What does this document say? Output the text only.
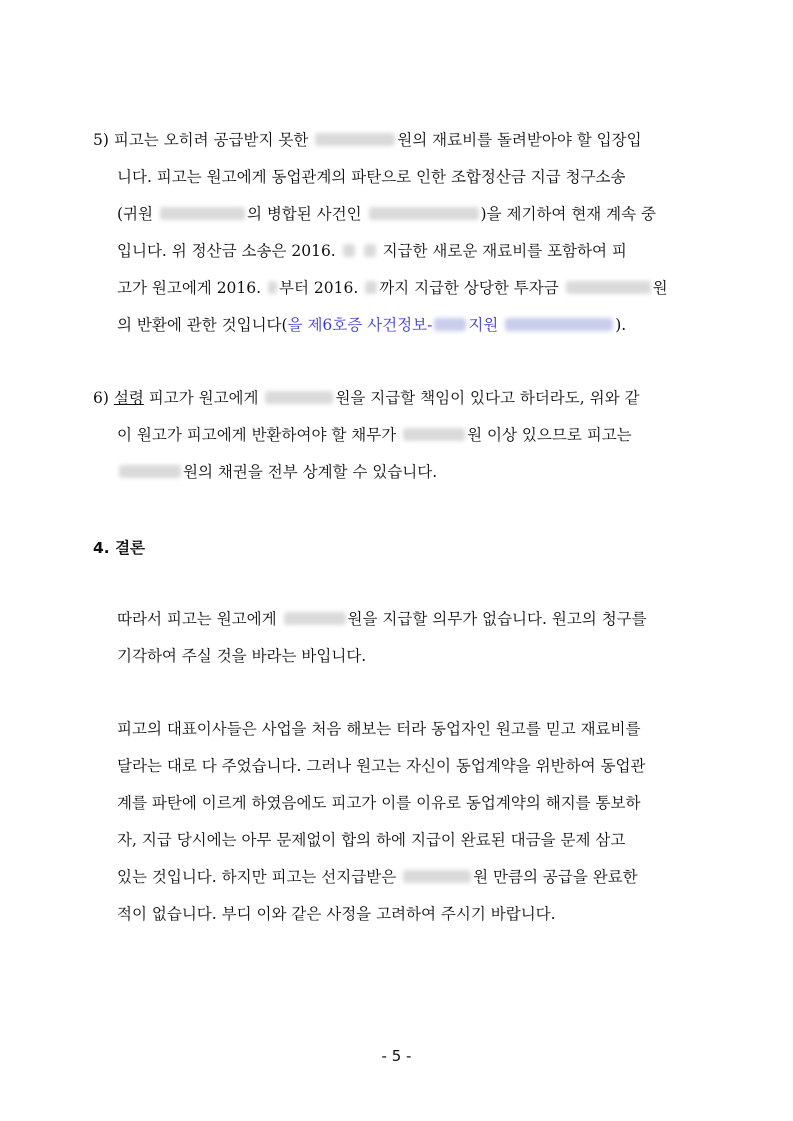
5) 피고는 오히려 공급받지 못한	원의 재료비를 돌려받아야 할 입장입
니다. 피고는 원고에게 동업관계의 파탄으로 인한 조합정산금 지급 청구소송
(귀원	의 병합된 사건인	)을 제기하여 현재 계속 중
입니다. 위 정산금 소송은 2016.	지급한 새로운 재료비를 포함하여 피
고가 원고에게 2016. 부터 2016. 까지 지급한 상당한 투자금	원
의 반환에 관한 것입니다(을 제6호증 사건정보- 지원	).
6) 설령 피고가 원고에게	원을 지급할 책임이 있다고 하더라도, 위와 같
이 원고가 피고에게 반환하여야 할 채무가	원 이상 있으므로 피고는
원의 채권을 전부 상계할 수 있습니다.
4. 결론
따라서 피고는 원고에게	원을 지급할 의무가 없습니다. 원고의 청구를
기각하여 주실 것을 바라는 바입니다.
피고의 대표이사들은 사업을 처음 해보는 터라 동업자인 원고를 믿고 재료비를
달라는 대로 다 주었습니다. 그러나 원고는 자신이 동업계약을 위반하여 동업관
계를 파탄에 이르게 하였음에도 피고가 이를 이유로 동업계약의 해지를 통보하
자, 지급 당시에는 아무 문제없이 합의 하에 지급이 완료된 대금을 문제 삼고
있는 것입니다. 하지만 피고는 선지급받은	원 만큼의 공급을 완료한
적이 없습니다. 부디 이와 같은 사정을 고려하여 주시기 바랍니다.
- 5 -
